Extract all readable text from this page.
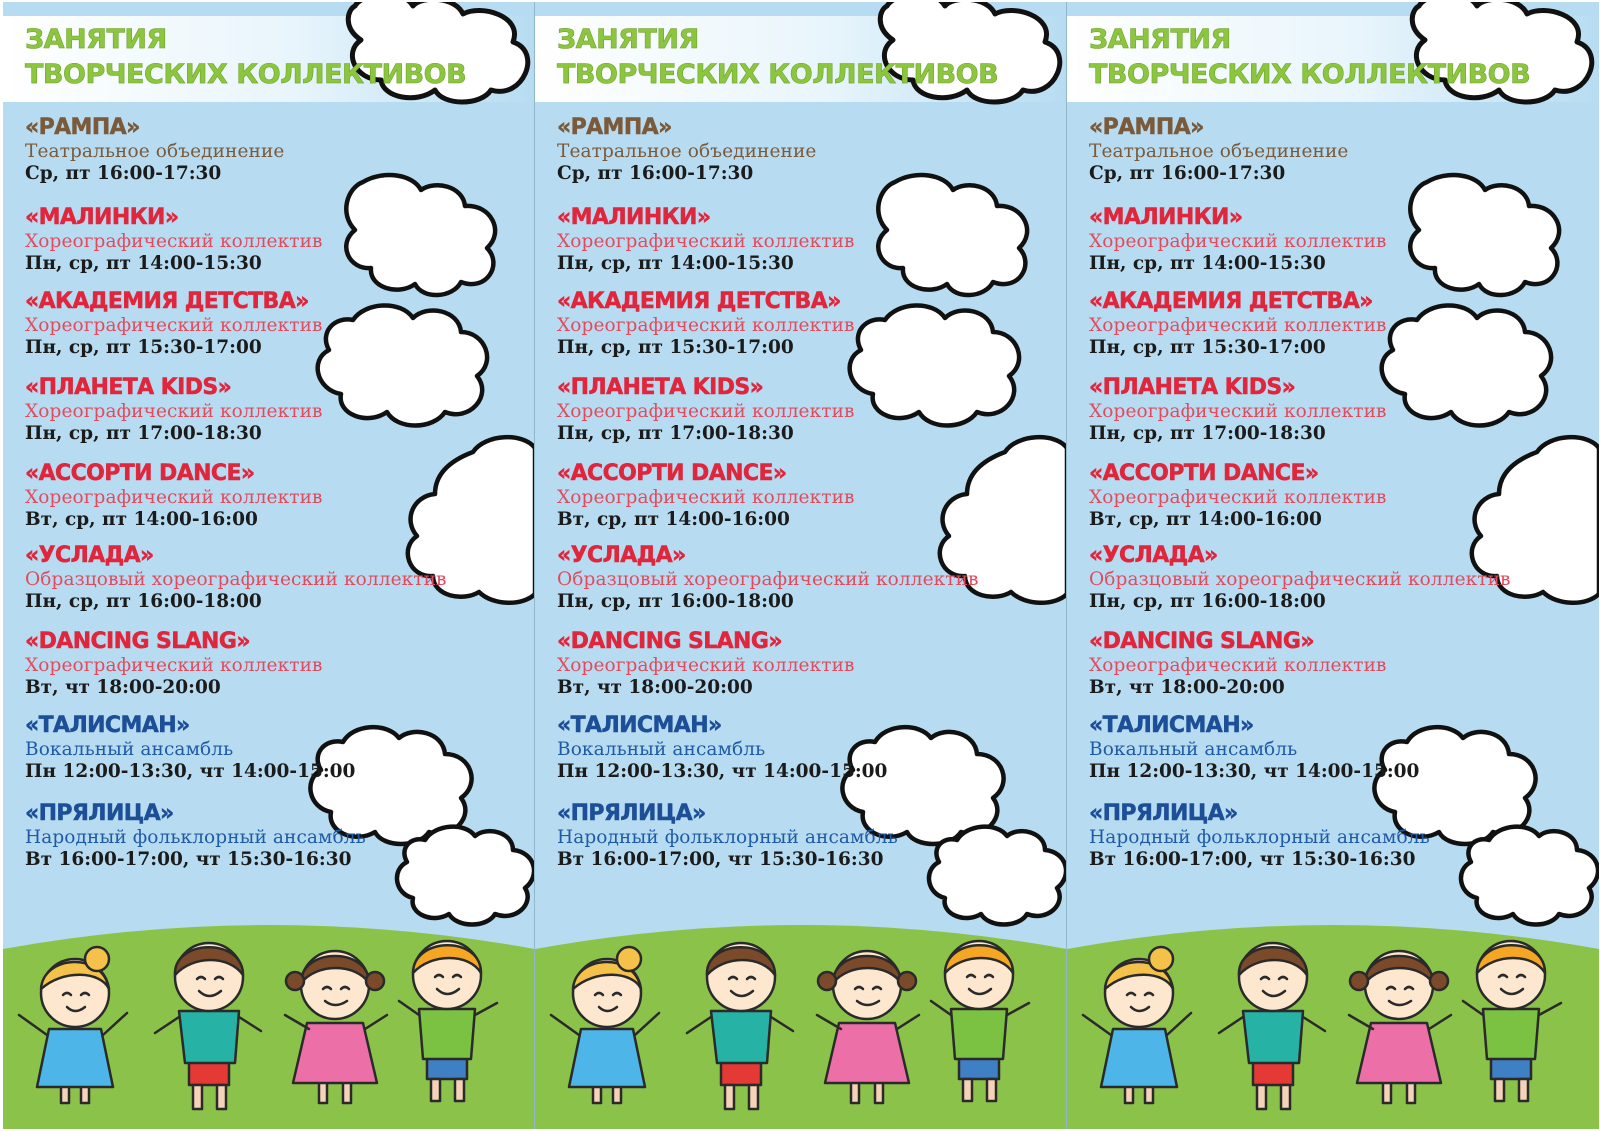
ЗАНЯТИЯ
ТВОРЧЕСКИХ КОЛЛЕКТИВОВ
«РАМПА»
Театральное объединение
Ср, пт 16:00-17:30
«МАЛИНКИ»
Хореографический коллектив
Пн, ср, пт 14:00-15:30
«АКАДЕМИЯ ДЕТСТВА»
Хореографический коллектив
Пн, ср, пт 15:30-17:00
«ПЛАНЕТА KIDS»
Хореографический коллектив
Пн, ср, пт 17:00-18:30
«АССОРТИ DANCE»
Хореографический коллектив
Вт, ср, пт 14:00-16:00
«УСЛАДА»
Образцовый хореографический коллектив
Пн, ср, пт 16:00-18:00
«DANCING SLANG»
Хореографический коллектив
Вт, чт 18:00-20:00
«ТАЛИСМАН»
Вокальный ансамбль
Пн 12:00-13:30, чт 14:00-15:00
«ПРЯЛИЦА»
Народный фольклорный ансамбль
Вт 16:00-17:00, чт 15:30-16:30
ЗАНЯТИЯ
ТВОРЧЕСКИХ КОЛЛЕКТИВОВ
«РАМПА»
Театральное объединение
Ср, пт 16:00-17:30
«МАЛИНКИ»
Хореографический коллектив
Пн, ср, пт 14:00-15:30
«АКАДЕМИЯ ДЕТСТВА»
Хореографический коллектив
Пн, ср, пт 15:30-17:00
«ПЛАНЕТА KIDS»
Хореографический коллектив
Пн, ср, пт 17:00-18:30
«АССОРТИ DANCE»
Хореографический коллектив
Вт, ср, пт 14:00-16:00
«УСЛАДА»
Образцовый хореографический коллектив
Пн, ср, пт 16:00-18:00
«DANCING SLANG»
Хореографический коллектив
Вт, чт 18:00-20:00
«ТАЛИСМАН»
Вокальный ансамбль
Пн 12:00-13:30, чт 14:00-15:00
«ПРЯЛИЦА»
Народный фольклорный ансамбль
Вт 16:00-17:00, чт 15:30-16:30
ЗАНЯТИЯ
ТВОРЧЕСКИХ КОЛЛЕКТИВОВ
«РАМПА»
Театральное объединение
Ср, пт 16:00-17:30
«МАЛИНКИ»
Хореографический коллектив
Пн, ср, пт 14:00-15:30
«АКАДЕМИЯ ДЕТСТВА»
Хореографический коллектив
Пн, ср, пт 15:30-17:00
«ПЛАНЕТА KIDS»
Хореографический коллектив
Пн, ср, пт 17:00-18:30
«АССОРТИ DANCE»
Хореографический коллектив
Вт, ср, пт 14:00-16:00
«УСЛАДА»
Образцовый хореографический коллектив
Пн, ср, пт 16:00-18:00
«DANCING SLANG»
Хореографический коллектив
Вт, чт 18:00-20:00
«ТАЛИСМАН»
Вокальный ансамбль
Пн 12:00-13:30, чт 14:00-15:00
«ПРЯЛИЦА»
Народный фольклорный ансамбль
Вт 16:00-17:00, чт 15:30-16:30
